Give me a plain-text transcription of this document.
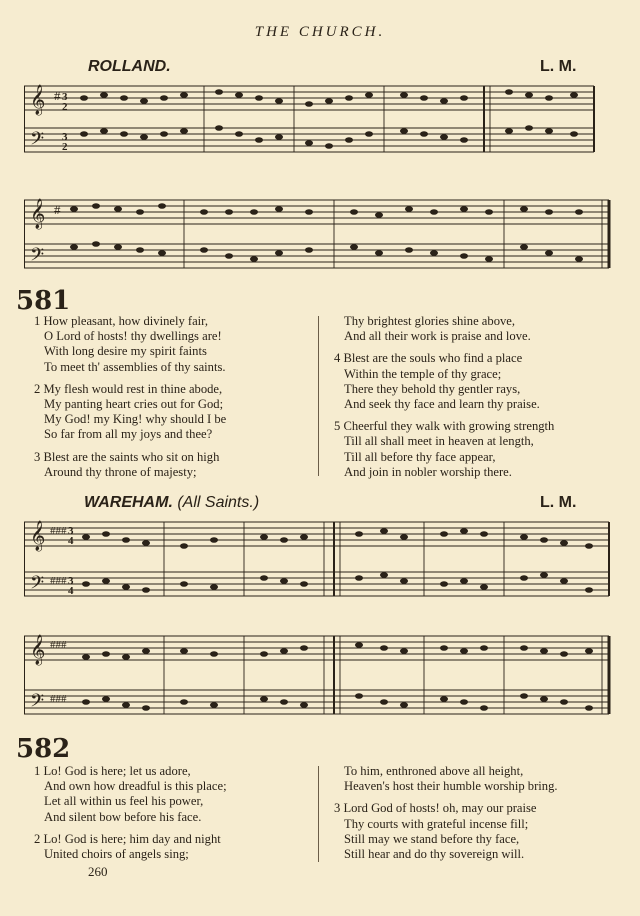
THE CHURCH.
ROLLAND.	L. M.
𝄞
𝄢
# 3
2
3
2
𝄞
𝄢
#
581
1 How pleasant, how divinely fair,
O Lord of hosts! thy dwellings are!
With long desire my spirit faints
To meet th' assemblies of thy saints.
2 My flesh would rest in thine abode,
My panting heart cries out for God;
My God! my King! why should I be
So far from all my joys and thee?
3 Blest are the saints who sit on high
Around thy throne of majesty;
Thy brightest glories shine above,
And all their work is praise and love.
4 Blest are the souls who find a place
Within the temple of thy grace;
There they behold thy gentler rays,
And seek thy face and learn thy praise.
5 Cheerful they walk with growing strength
Till all shall meet in heaven at length,
Till all before thy face appear,
And join in nobler worship there.
WAREHAM. (All Saints.)	L. M.
𝄞
𝄢
### 3
4
### 3
4
𝄞
𝄢
###
###
582
1 Lo! God is here; let us adore,
And own how dreadful is this place;
Let all within us feel his power,
And silent bow before his face.
2 Lo! God is here; him day and night
United choirs of angels sing;
To him, enthroned above all height,
Heaven's host their humble worship bring.
3 Lord God of hosts! oh, may our praise
Thy courts with grateful incense fill;
Still may we stand before thy face,
Still hear and do thy sovereign will.
260
